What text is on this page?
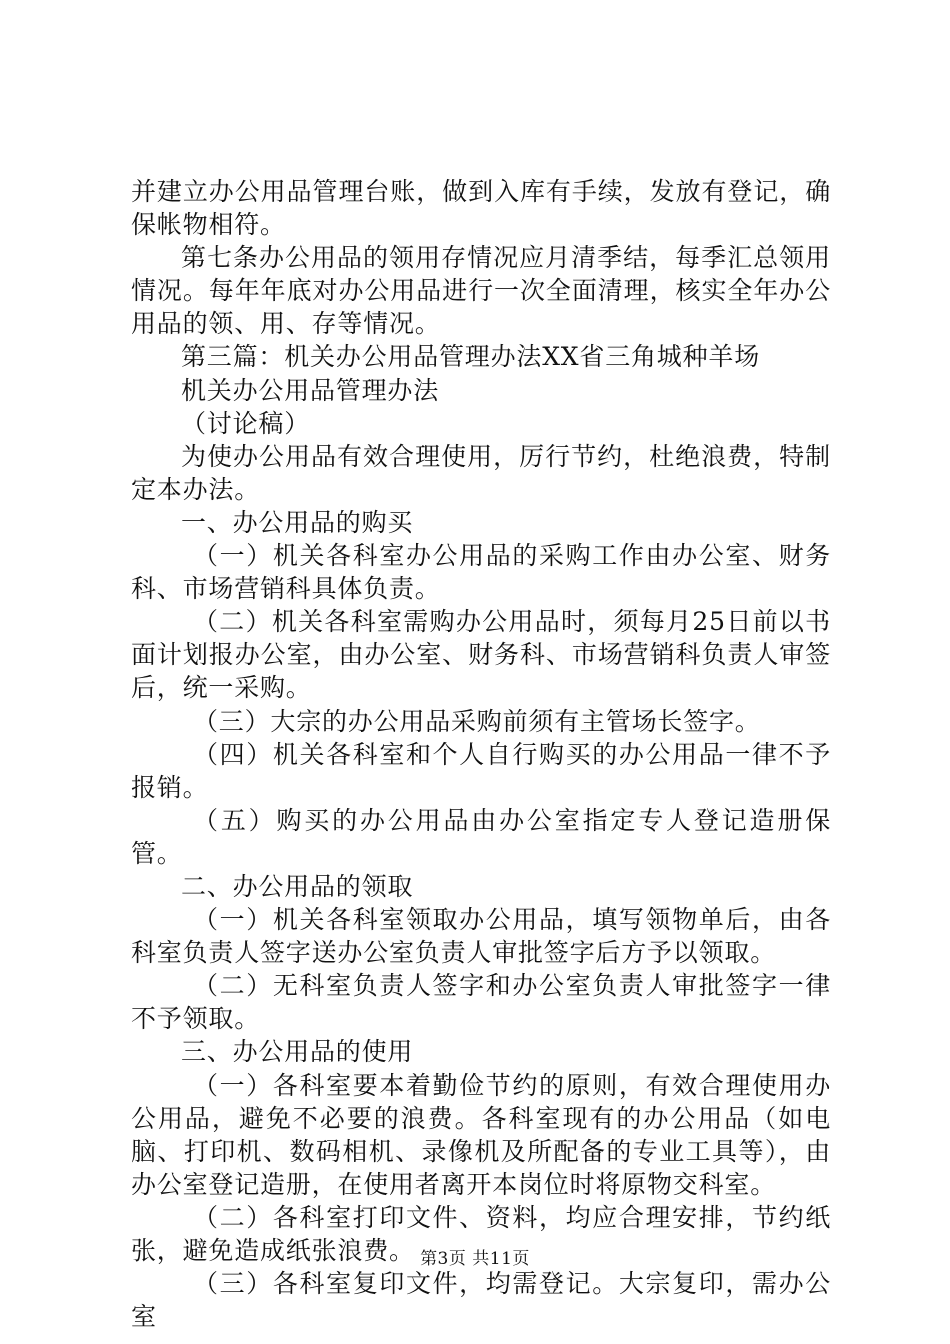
并建立办公用品管理台账，做到入库有手续，发放有登记，确保帐物相符。

第七条办公用品的领用存情况应月清季结，每季汇总领用情况。每年年底对办公用品进行一次全面清理，核实全年办公用品的领、用、存等情况。

第三篇：机关办公用品管理办法XX省三角城种羊场

机关办公用品管理办法

（讨论稿）

为使办公用品有效合理使用，厉行节约，杜绝浪费，特制定本办法。

一、办公用品的购买

（一）机关各科室办公用品的采购工作由办公室、财务科、市场营销科具体负责。

（二）机关各科室需购办公用品时，须每月25日前以书面计划报办公室，由办公室、财务科、市场营销科负责人审签后，统一采购。

（三）大宗的办公用品采购前须有主管场长签字。

（四）机关各科室和个人自行购买的办公用品一律不予报销。

（五）购买的办公用品由办公室指定专人登记造册保管。

二、办公用品的领取

（一）机关各科室领取办公用品，填写领物单后，由各科室负责人签字送办公室负责人审批签字后方予以领取。

（二）无科室负责人签字和办公室负责人审批签字一律不予领取。

三、办公用品的使用

（一）各科室要本着勤俭节约的原则，有效合理使用办公用品，避免不必要的浪费。各科室现有的办公用品（如电脑、打印机、数码相机、录像机及所配备的专业工具等），由办公室登记造册，在使用者离开本岗位时将原物交科室。

（二）各科室打印文件、资料，均应合理安排，节约纸张，避免造成纸张浪费。

（三）各科室复印文件，均需登记。大宗复印，需办公室

第3页 共11页
